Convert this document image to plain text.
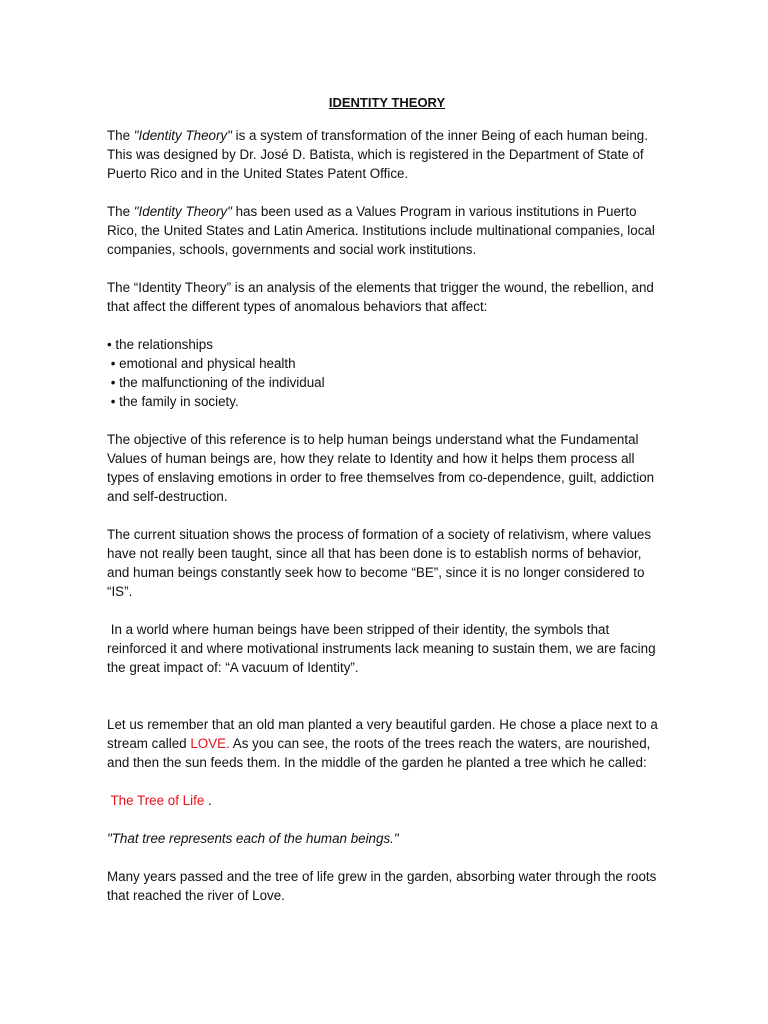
IDENTITY THEORY

The "Identity Theory" is a system of transformation of the inner Being of each human being. This was designed by Dr. José D. Batista, which is registered in the Department of State of Puerto Rico and in the United States Patent Office.

The "Identity Theory" has been used as a Values Program in various institutions in Puerto Rico, the United States and Latin America. Institutions include multinational companies, local companies, schools, governments and social work institutions.

The “Identity Theory” is an analysis of the elements that trigger the wound, the rebellion, and that affect the different types of anomalous behaviors that affect:

• the relationships
• emotional and physical health
• the malfunctioning of the individual
• the family in society.

The objective of this reference is to help human beings understand what the Fundamental Values of human beings are, how they relate to Identity and how it helps them process all types of enslaving emotions in order to free themselves from co-dependence, guilt, addiction and self-destruction.

The current situation shows the process of formation of a society of relativism, where values have not really been taught, since all that has been done is to establish norms of behavior, and human beings constantly seek how to become “BE”, since it is no longer considered to “IS”.

In a world where human beings have been stripped of their identity, the symbols that reinforced it and where motivational instruments lack meaning to sustain them, we are facing the great impact of: “A vacuum of Identity”.

Let us remember that an old man planted a very beautiful garden. He chose a place next to a stream called LOVE. As you can see, the roots of the trees reach the waters, are nourished, and then the sun feeds them. In the middle of the garden he planted a tree which he called:

The Tree of Life .

"That tree represents each of the human beings."

Many years passed and the tree of life grew in the garden, absorbing water through the roots that reached the river of Love.
